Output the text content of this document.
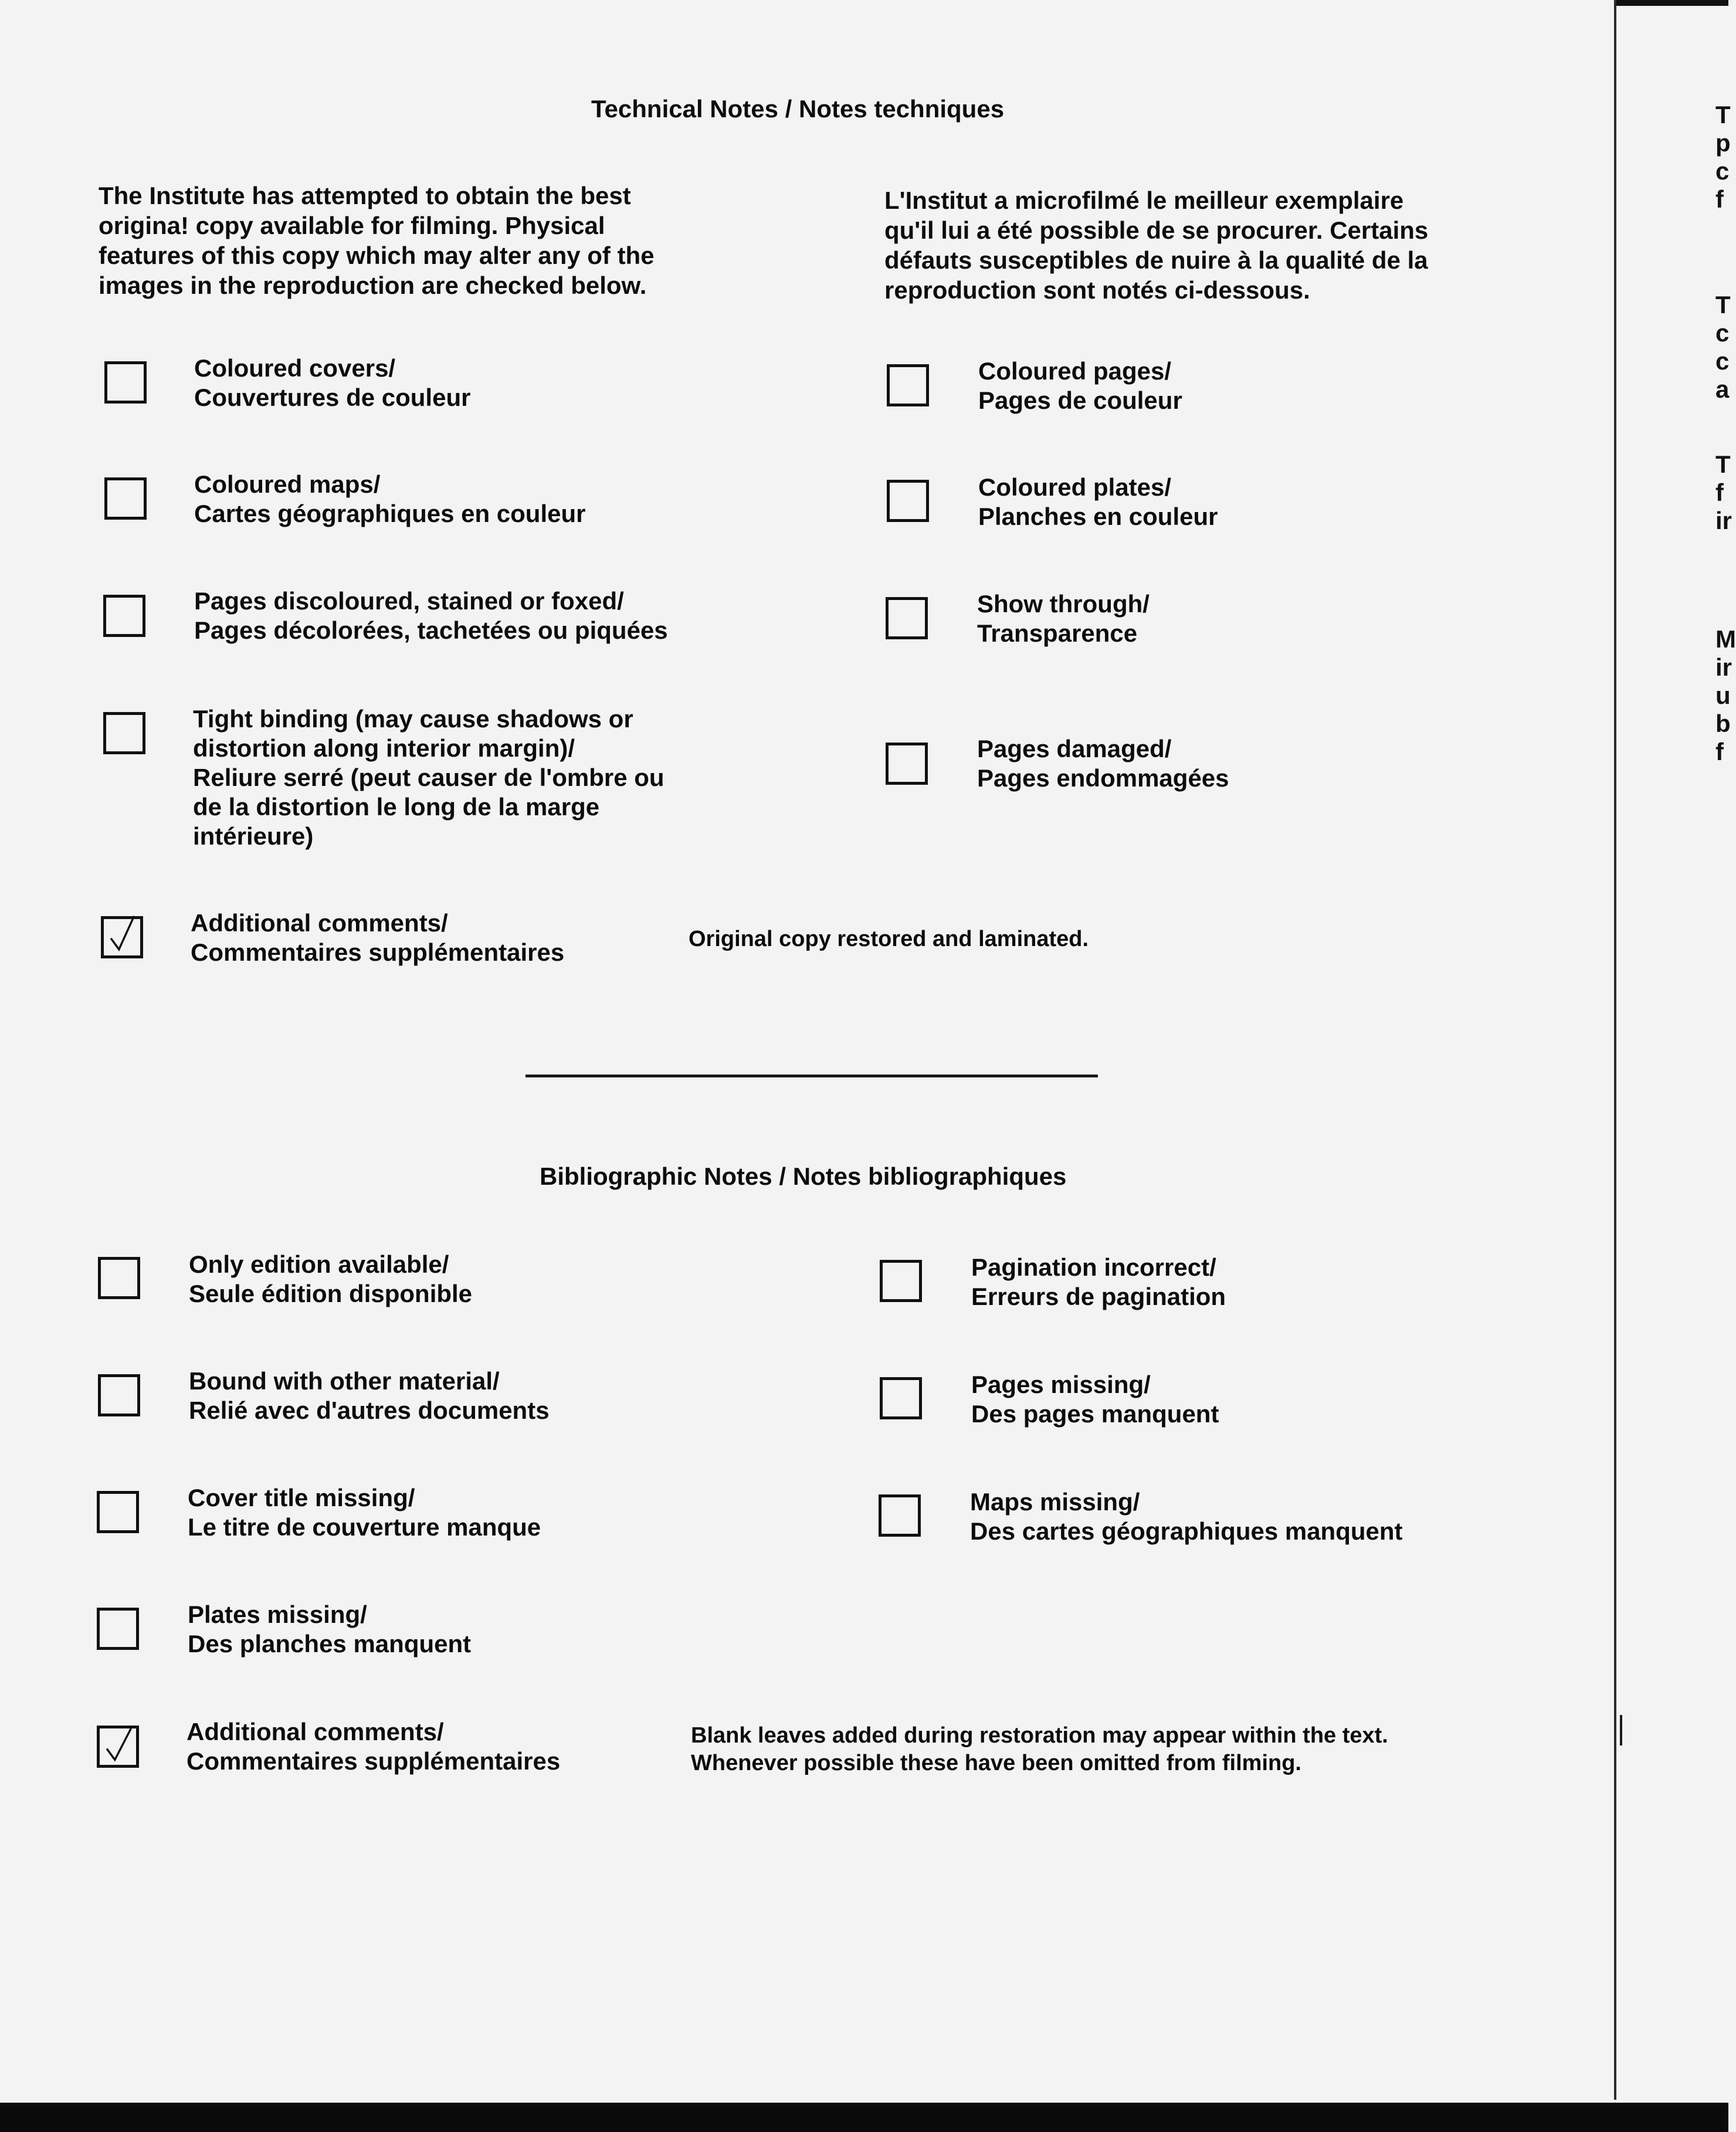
Technical Notes / Notes techniques
The Institute has attempted to obtain the best
origina! copy available for filming. Physical
features of this copy which may alter any of the
images in the reproduction are checked below.
L'Institut a microfilmé le meilleur exemplaire
qu'il lui a été possible de se procurer. Certains
défauts susceptibles de nuire à la qualité de la
reproduction sont notés ci-dessous.
Coloured covers/
Couvertures de couleur
Coloured maps/
Cartes géographiques en couleur
Pages discoloured, stained or foxed/
Pages décolorées, tachetées ou piquées
Tight binding (may cause shadows or
distortion along interior margin)/
Reliure serré (peut causer de l'ombre ou
de la distortion le long de la marge
intérieure)
Coloured pages/
Pages de couleur
Coloured plates/
Planches en couleur
Show through/
Transparence
Pages damaged/
Pages endommagées
Additional comments/
Commentaires supplémentaires	Original copy restored and laminated.
Bibliographic Notes / Notes bibliographiques
Only edition available/
Seule édition disponible
Bound with other material/
Relié avec d'autres documents
Cover title missing/
Le titre de couverture manque
Plates missing/
Des planches manquent
Pagination incorrect/
Erreurs de pagination
Pages missing/
Des pages manquent
Maps missing/
Des cartes géographiques manquent
Additional comments/
Commentaires supplémentaires
Blank leaves added during restoration may appear within the text.
Whenever possible these have been omitted from filming.
T
p
c
f
T
c
c
a
T
f
ir
M
ir
u
b
f
